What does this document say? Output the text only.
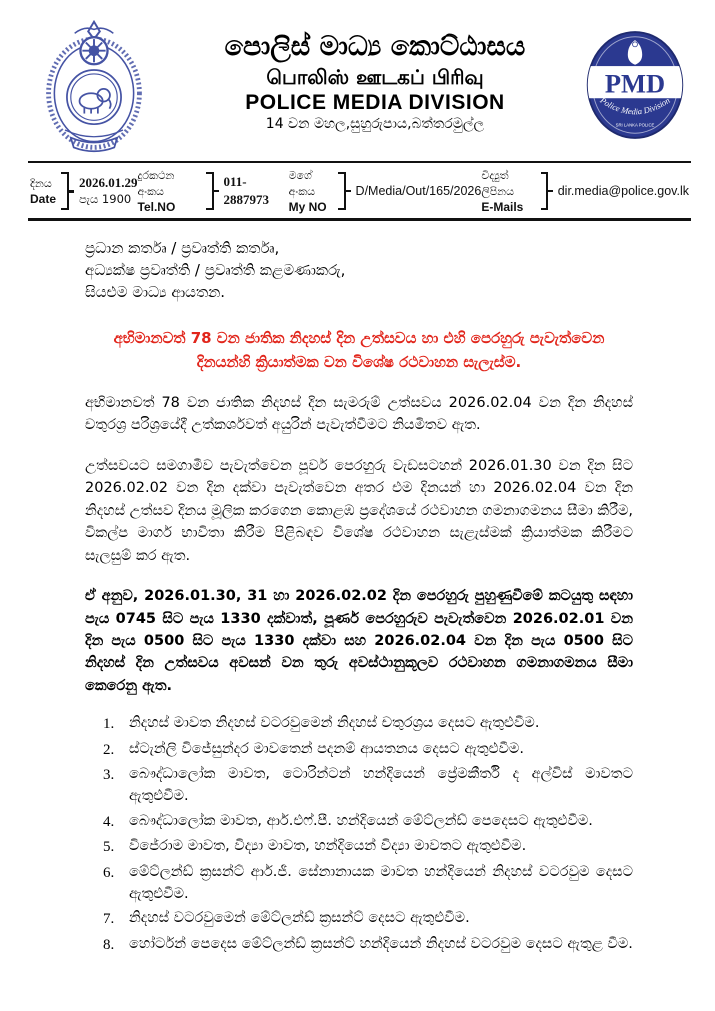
පොලිස් මාධ්‍ය කොට්ඨාසය
பொலிஸ் ஊடகப் பிரிவு
POLICE MEDIA DIVISION
14 වන මහල,සුහුරුපාය,බත්තරමුල්ල
PMD
Police Media Division
SRI LANKA POLICE
දිනය
Date
2026.01.29
පැය 1900
දුරකථන අංකය
Tel.NO
011-2887973
මගේ අංකය
My NO
D/Media/Out/165/2026
විද්‍යුත් ලිපිනය
E-Mails
dir.media@police.gov.lk
ප්‍රධාන කර්තෘ / ප්‍රවෘත්ති කර්තෘ,
අධ්‍යක්ෂ ප්‍රවෘත්ති / ප්‍රවෘත්ති කළමණාකරු,
සියළුම මාධ්‍ය ආයතන.
අභිමානවත් 78 වන ජාතික නිදහස් දින උත්සවය හා එහි පෙරහුරු පැවැත්වෙන
දිනයන්හි ක්‍රියාත්මක වන විශේෂ රථවාහන සැලැස්ම.
අභිමානවත් 78 වන ජාතික නිදහස් දින සැමරුම් උත්සවය 2026.02.04 වන දින නිදහස් චතුරශ්‍ර පරිශ්‍රයේදී උත්කර්ශවත් අයුරින් පැවැත්වීමට නියමිතව ඇත.
උත්සවයට සමගාමීව පැවැත්වෙන පූර්ව පෙරහුරු වැඩසටහන් 2026.01.30 වන දින සිට 2026.02.02 වන දින දක්වා පැවැත්වෙන අතර එම දිනයන් හා 2026.02.04 වන දින නිදහස් උත්සව දිනය මූලික කරගෙන කොළඹ ප්‍රදේශයේ රථවාහන ගමනාගමනය සීමා කිරීම, විකල්ප මාර්ග භාවිතා කිරීම පිළිබඳව විශේෂ රථවාහන සැළැස්මක් ක්‍රියාත්මක කිරීමට සැලසුම් කර ඇත.
ඒ අනුව, 2026.01.30, 31 හා 2026.02.02 දින පෙරහුරු පුහුණුවීමේ කටයුතු සඳහා පැය 0745 සිට පැය 1330 දක්වාත්, පූර්ණ පෙරහුරුව පැවැත්වෙන 2026.02.01 වන දින පැය 0500 සිට පැය 1330 දක්වා සහ 2026.02.04 වන දින පැය 0500 සිට නිදහස් දින උත්සවය අවසන් වන තුරු අවස්ථානුකූලව රථවාහන ගමනාගමනය සීමා කෙරෙනු ඇත.
1.	නිදහස් මාවත නිදහස් වටරවුමෙන් නිදහස් චතුරශ්‍රය දෙසට ඇතුළුවීම.
2.	ස්ටැන්ලි විජේසුන්දර මාවතෙන් පදනම් ආයතනය දෙසට ඇතුළුවීම.
3.	බෞද්ධාලෝක මාවත, ටොරින්ටන් හන්දියෙන් ප්‍රේමකීර්ති ද අල්විස් මාවතට ඇතුළුවීම.
4.	බෞද්ධාලෝක මාවත, ආර්.එෆ්.පී. හන්දියෙන් මේට්ලන්ඩ් පෙදෙසට ඇතුළුවීම.
5.	විජේරාම මාවත, විද්‍යා මාවත, හන්දියෙන් විද්‍යා මාවතට ඇතුළුවීම.
6.	මේට්ලන්ඩ් ක්‍රසන්ට් ආර්.ජී. සේනානායක මාවත හන්දියෙන් නිදහස් වටරවුම දෙසට ඇතුළුවීම.
7.	නිදහස් වටරවුමෙන් මේට්ලන්ඩ් ක්‍රසන්ට් දෙසට ඇතුළුවීම.
8.	හෝර්ටන් පෙදෙස මේට්ලන්ඩ් ක්‍රසන්ට් හන්දියෙන් නිදහස් වටරවුම දෙසට ඇතුළ වීම.
